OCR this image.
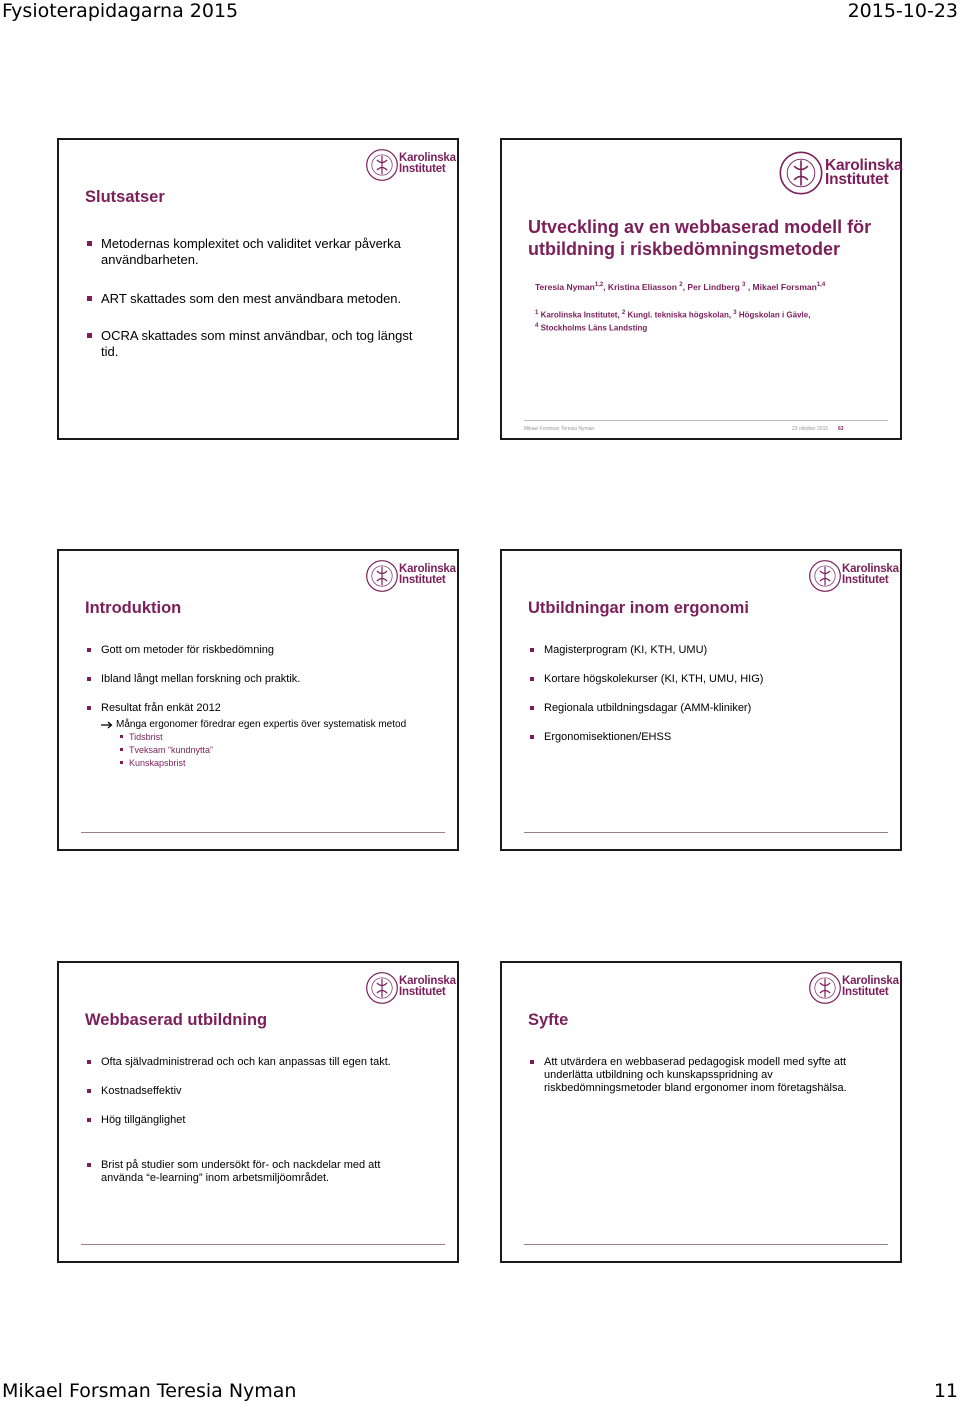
Fysioterapidagarna 2015	2015-10-23
Karolinska
Institutet
Slutsatser
Metodernas komplexitet och validitet verkar påverka användbarheten.
ART skattades som den mest användbara metoden.
OCRA skattades som minst användbar, och tog längst tid.
Karolinska
Institutet
Utveckling av en webbaserad modell för utbildning i riskbedömningsmetoder
Teresia Nyman$^{1,2}$, Kristina Eliasson $^2$, Per Lindberg $^3$ , Mikael Forsman$^{1,4}$
$^1$ Karolinska Institutet, $^2$ Kungl. tekniska högskolan, $^3$ Högskolan i Gävle,
$^4$ Stockholms Läns Landsting
Mikael Forsman Teresia Nyman	23 oktober 2015 63
Karolinska
Institutet
Introduktion
Gott om metoder för riskbedömning
Ibland långt mellan forskning och praktik.
Resultat från enkät 2012
Många ergonomer föredrar egen expertis över systematisk metod
Tidsbrist
Tveksam “kundnytta”
Kunskapsbrist
Karolinska
Institutet
Utbildningar inom ergonomi
Magisterprogram (KI, KTH, UMU)
Kortare högskolekurser (KI, KTH, UMU, HIG)
Regionala utbildningsdagar (AMM-kliniker)
Ergonomisektionen/EHSS
Karolinska
Institutet
Webbaserad utbildning
Ofta självadministrerad och och kan anpassas till egen takt.
Kostnadseffektiv
Hög tillgänglighet
Brist på studier som undersökt för- och nackdelar med att använda “e-learning” inom arbetsmiljöområdet.
Karolinska
Institutet
Syfte
Att utvärdera en webbaserad pedagogisk modell med syfte att underlätta utbildning och kunskapsspridning av riskbedömningsmetoder bland ergonomer inom företagshälsa.
Mikael Forsman Teresia Nyman	11
